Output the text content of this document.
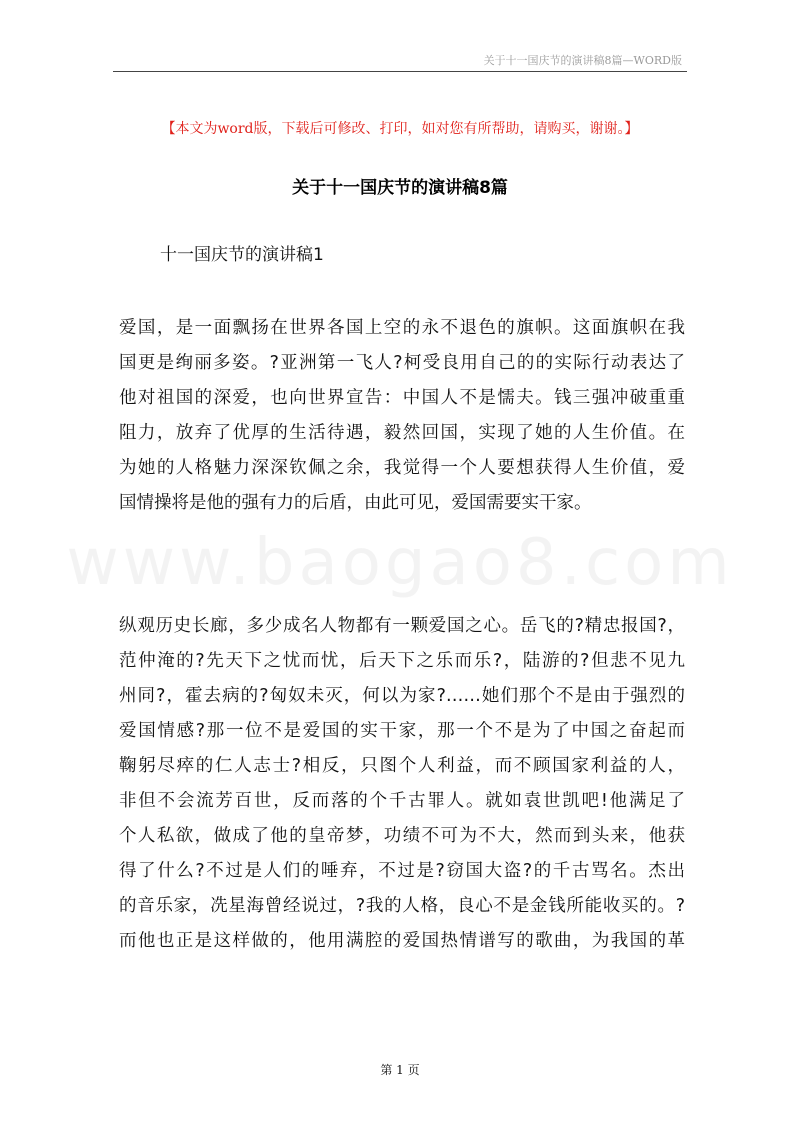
关于十一国庆节的演讲稿8篇—WORD版
【本文为word版，下载后可修改、打印，如对您有所帮助，请购买，谢谢。】
www.baogao8.com
关于十一国庆节的演讲稿8篇
十一国庆节的演讲稿1
爱国，是一面飘扬在世界各国上空的永不退色的旗帜。这面旗帜在我
国更是绚丽多姿。?亚洲第一飞人?柯受良用自己的的实际行动表达了
他对祖国的深爱，也向世界宣告：中国人不是懦夫。钱三强冲破重重
阻力，放弃了优厚的生活待遇，毅然回国，实现了她的人生价值。在
为她的人格魅力深深钦佩之余，我觉得一个人要想获得人生价值，爱
国情操将是他的强有力的后盾，由此可见，爱国需要实干家。
纵观历史长廊，多少成名人物都有一颗爱国之心。岳飞的?精忠报国?，
范仲淹的?先天下之忧而忧，后天下之乐而乐?，陆游的?但悲不见九
州同?，霍去病的?匈奴未灭，何以为家?……她们那个不是由于强烈的
爱国情感?那一位不是爱国的实干家，那一个不是为了中国之奋起而
鞠躬尽瘁的仁人志士?相反，只图个人利益，而不顾国家利益的人，
非但不会流芳百世，反而落的个千古罪人。就如袁世凯吧!他满足了
个人私欲，做成了他的皇帝梦，功绩不可为不大，然而到头来，他获
得了什么?不过是人们的唾弃，不过是?窃国大盗?的千古骂名。杰出
的音乐家，冼星海曾经说过，?我的人格，良心不是金钱所能收买的。?
而他也正是这样做的，他用满腔的爱国热情谱写的歌曲，为我国的革
第 1 页
